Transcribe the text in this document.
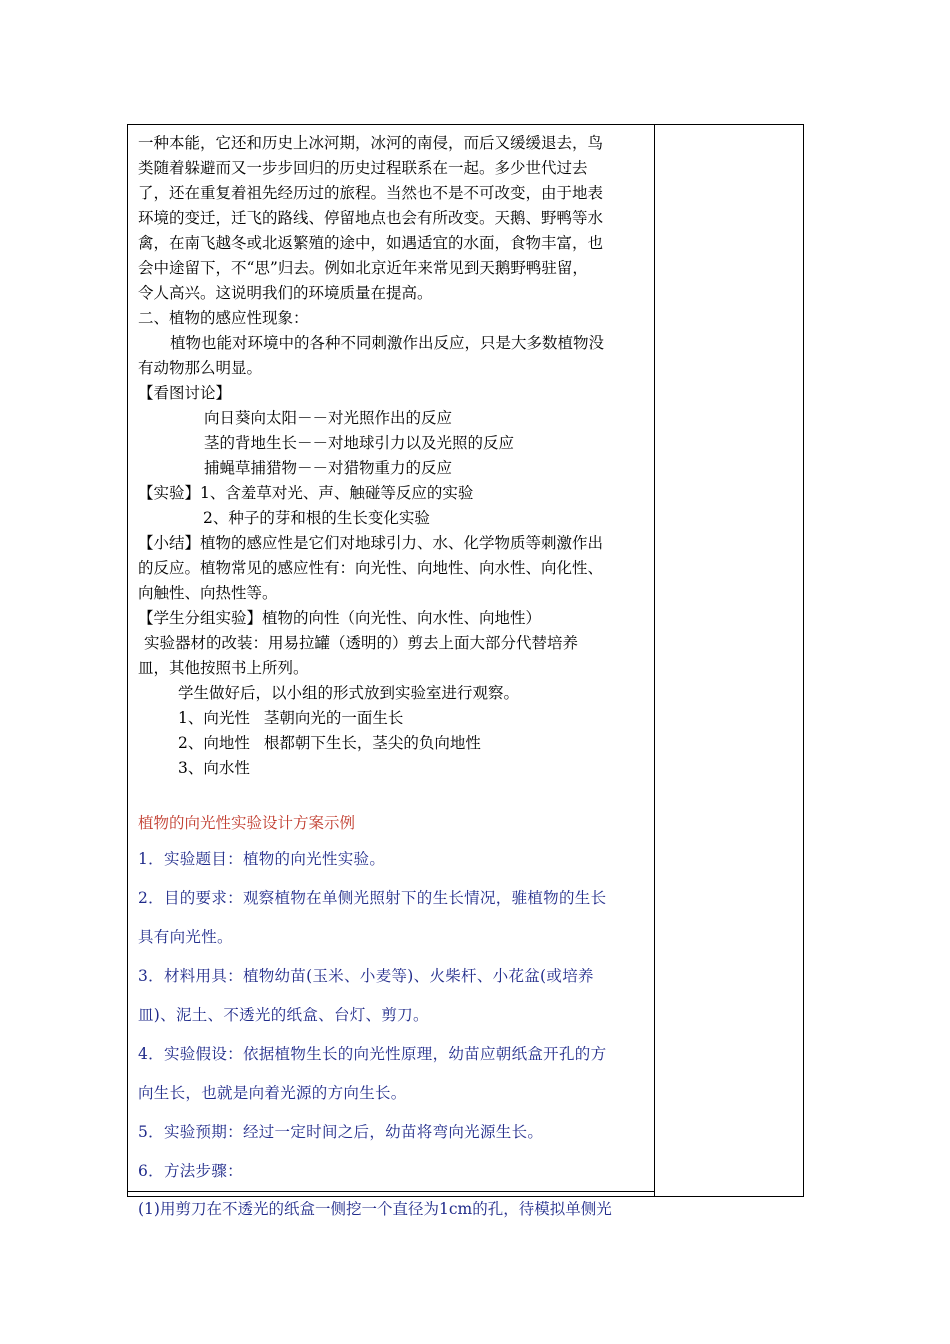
一种本能，它还和历史上冰河期，冰河的南侵，而后又缓缓退去，鸟
类随着躲避而又一步步回归的历史过程联系在一起。多少世代过去
了，还在重复着祖先经历过的旅程。当然也不是不可改变，由于地表
环境的变迁，迁飞的路线、停留地点也会有所改变。天鹅、野鸭等水
禽，在南飞越冬或北返繁殖的途中，如遇适宜的水面，食物丰富，也
会中途留下，不“思”归去。例如北京近年来常见到天鹅野鸭驻留，
令人高兴。这说明我们的环境质量在提高。
二、植物的感应性现象：
植物也能对环境中的各种不同刺激作出反应，只是大多数植物没
有动物那么明显。
【看图讨论】
向日葵向太阳－－对光照作出的反应
茎的背地生长－－对地球引力以及光照的反应
捕蝇草捕猎物－－对猎物重力的反应
【实验】1、含羞草对光、声、触碰等反应的实验
2、种子的芽和根的生长变化实验
【小结】植物的感应性是它们对地球引力、水、化学物质等刺激作出
的反应。植物常见的感应性有：向光性、向地性、向水性、向化性、
向触性、向热性等。
【学生分组实验】植物的向性（向光性、向水性、向地性）
实验器材的改装：用易拉罐（透明的）剪去上面大部分代替培养
皿，其他按照书上所列。
学生做好后，以小组的形式放到实验室进行观察。
1、向光性 茎朝向光的一面生长
2、向地性 根都朝下生长，茎尖的负向地性
3、向水性
植物的向光性实验设计方案示例
1．实验题目：植物的向光性实验。
2．目的要求：观察植物在单侧光照射下的生长情况，骓植物的生长
具有向光性。
3．材料用具：植物幼苗(玉米、小麦等)、火柴杆、小花盆(或培养
皿)、泥土、不透光的纸盒、台灯、剪刀。
4．实验假设：依据植物生长的向光性原理，幼苗应朝纸盒开孔的方
向生长，也就是向着光源的方向生长。
5．实验预期：经过一定时间之后，幼苗将弯向光源生长。
6．方法步骤：
(1)用剪刀在不透光的纸盒一侧挖一个直径为1cm的孔，待模拟单侧光
